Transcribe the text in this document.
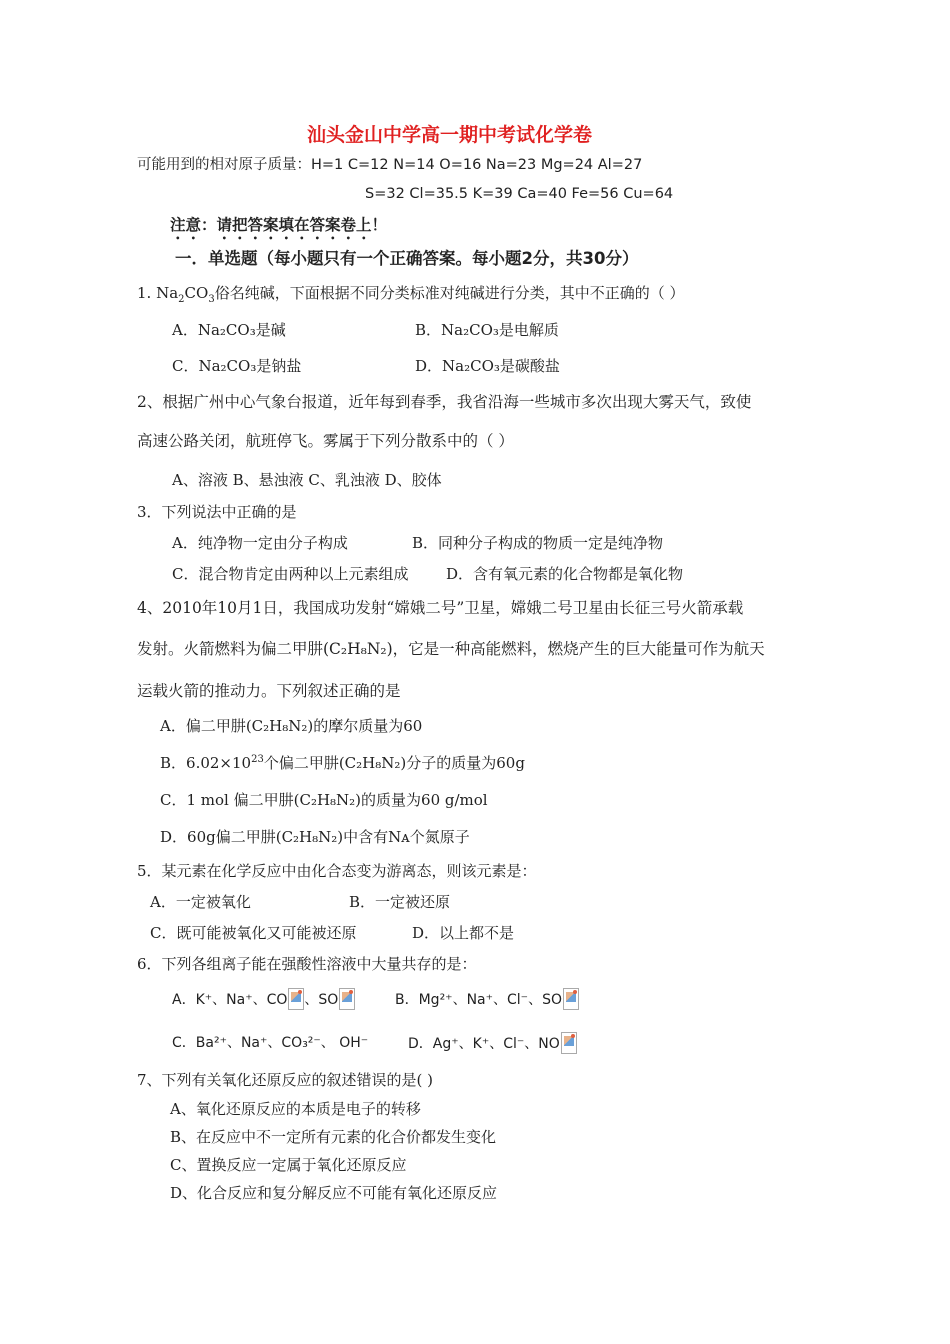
汕头金山中学高一期中考试化学卷
可能用到的相对原子质量：H=1 C=12 N=14 O=16 Na=23 Mg=24 Al=27
S=32 Cl=35.5 K=39 Ca=40 Fe=56 Cu=64
注意：请把答案填在答案卷上！
一．单选题（每小题只有一个正确答案。每小题2分，共30分）
1. $Na_2CO_3$俗名纯碱，下面根据不同分类标准对纯碱进行分类，其中不正确的（ ）
A．Na₂CO₃是碱	B．Na₂CO₃是电解质
C．Na₂CO₃是钠盐	D．Na₂CO₃是碳酸盐
2、根据广州中心气象台报道，近年每到春季，我省沿海一些城市多次出现大雾天气，致使
高速公路关闭，航班停飞。雾属于下列分散系中的（ ）
A、溶液 B、悬浊液 C、乳浊液 D、胶体
3．下列说法中正确的是
A．纯净物一定由分子构成	B．同种分子构成的物质一定是纯净物
C．混合物肯定由两种以上元素组成	D．含有氧元素的化合物都是氧化物
4、2010年10月1日，我国成功发射“嫦娥二号”卫星，嫦娥二号卫星由长征三号火箭承载
发射。火箭燃料为偏二甲肼(C₂H₈N₂)，它是一种高能燃料，燃烧产生的巨大能量可作为航天
运载火箭的推动力。下列叙述正确的是
A．偏二甲肼(C₂H₈N₂)的摩尔质量为60
B．$6.02\times 10^{23}$个偏二甲肼(C₂H₈N₂)分子的质量为60g
C．1 mol 偏二甲肼(C₂H₈N₂)的质量为60 g/mol
D．60g偏二甲肼(C₂H₈N₂)中含有Nᴀ个氮原子
5．某元素在化学反应中由化合态变为游离态，则该元素是：
A．一定被氧化	B．一定被还原
C．既可能被氧化又可能被还原	D．以上都不是
6．下列各组离子能在强酸性溶液中大量共存的是：
A．K⁺、Na⁺、CO 、SO	B．Mg²⁺、Na⁺、Cl⁻、SO
C．Ba²⁺、Na⁺、CO₃²⁻、 OH⁻	D．Ag⁺、K⁺、Cl⁻、NO
7、下列有关氧化还原反应的叙述错误的是( )
A、氧化还原反应的本质是电子的转移
B、在反应中不一定所有元素的化合价都发生变化
C、置换反应一定属于氧化还原反应
D、化合反应和复分解反应不可能有氧化还原反应
